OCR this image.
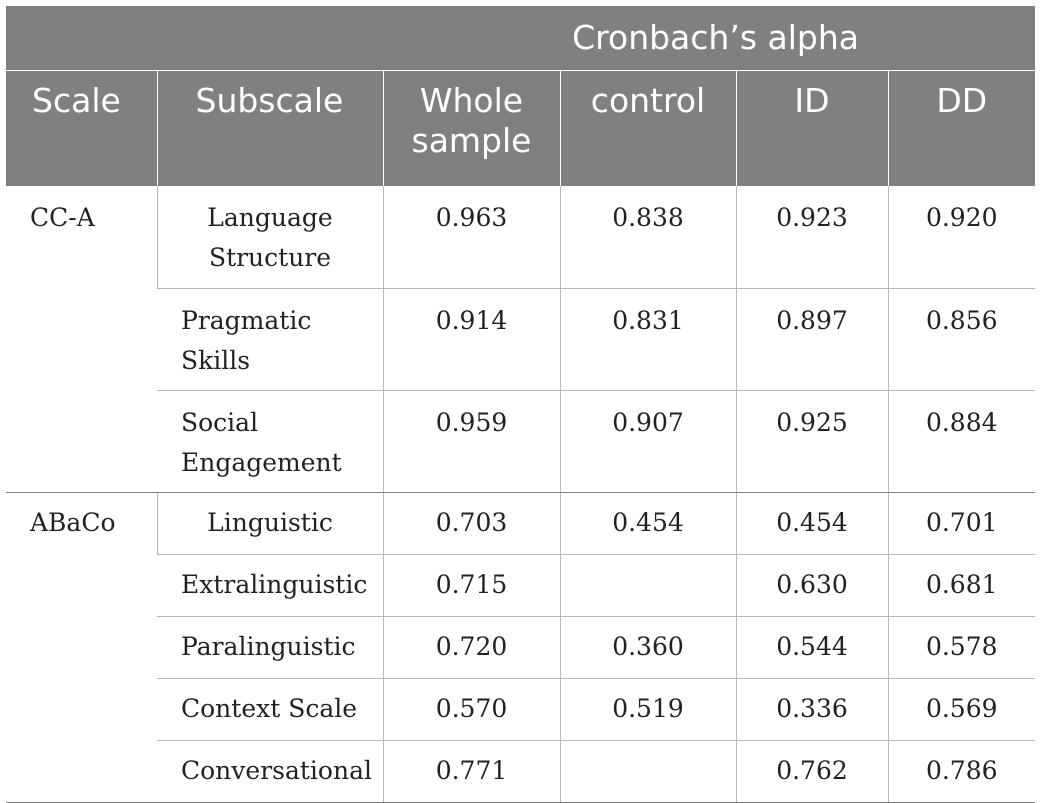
Cronbach’s alpha					
Scale	Subscale	Whole sample	control	ID	DD
CC-A	Language Structure	0.963	0.838	0.923	0.920
	Pragmatic Skills	0.914	0.831	0.897	0.856
	Social Engagement	0.959	0.907	0.925	0.884
ABaCo	Linguistic	0.703	0.454	0.454	0.701
	Extralinguistic	0.715		0.630	0.681
	Paralinguistic	0.720	0.360	0.544	0.578
	Context Scale	0.570	0.519	0.336	0.569
	Conversational	0.771		0.762	0.786
